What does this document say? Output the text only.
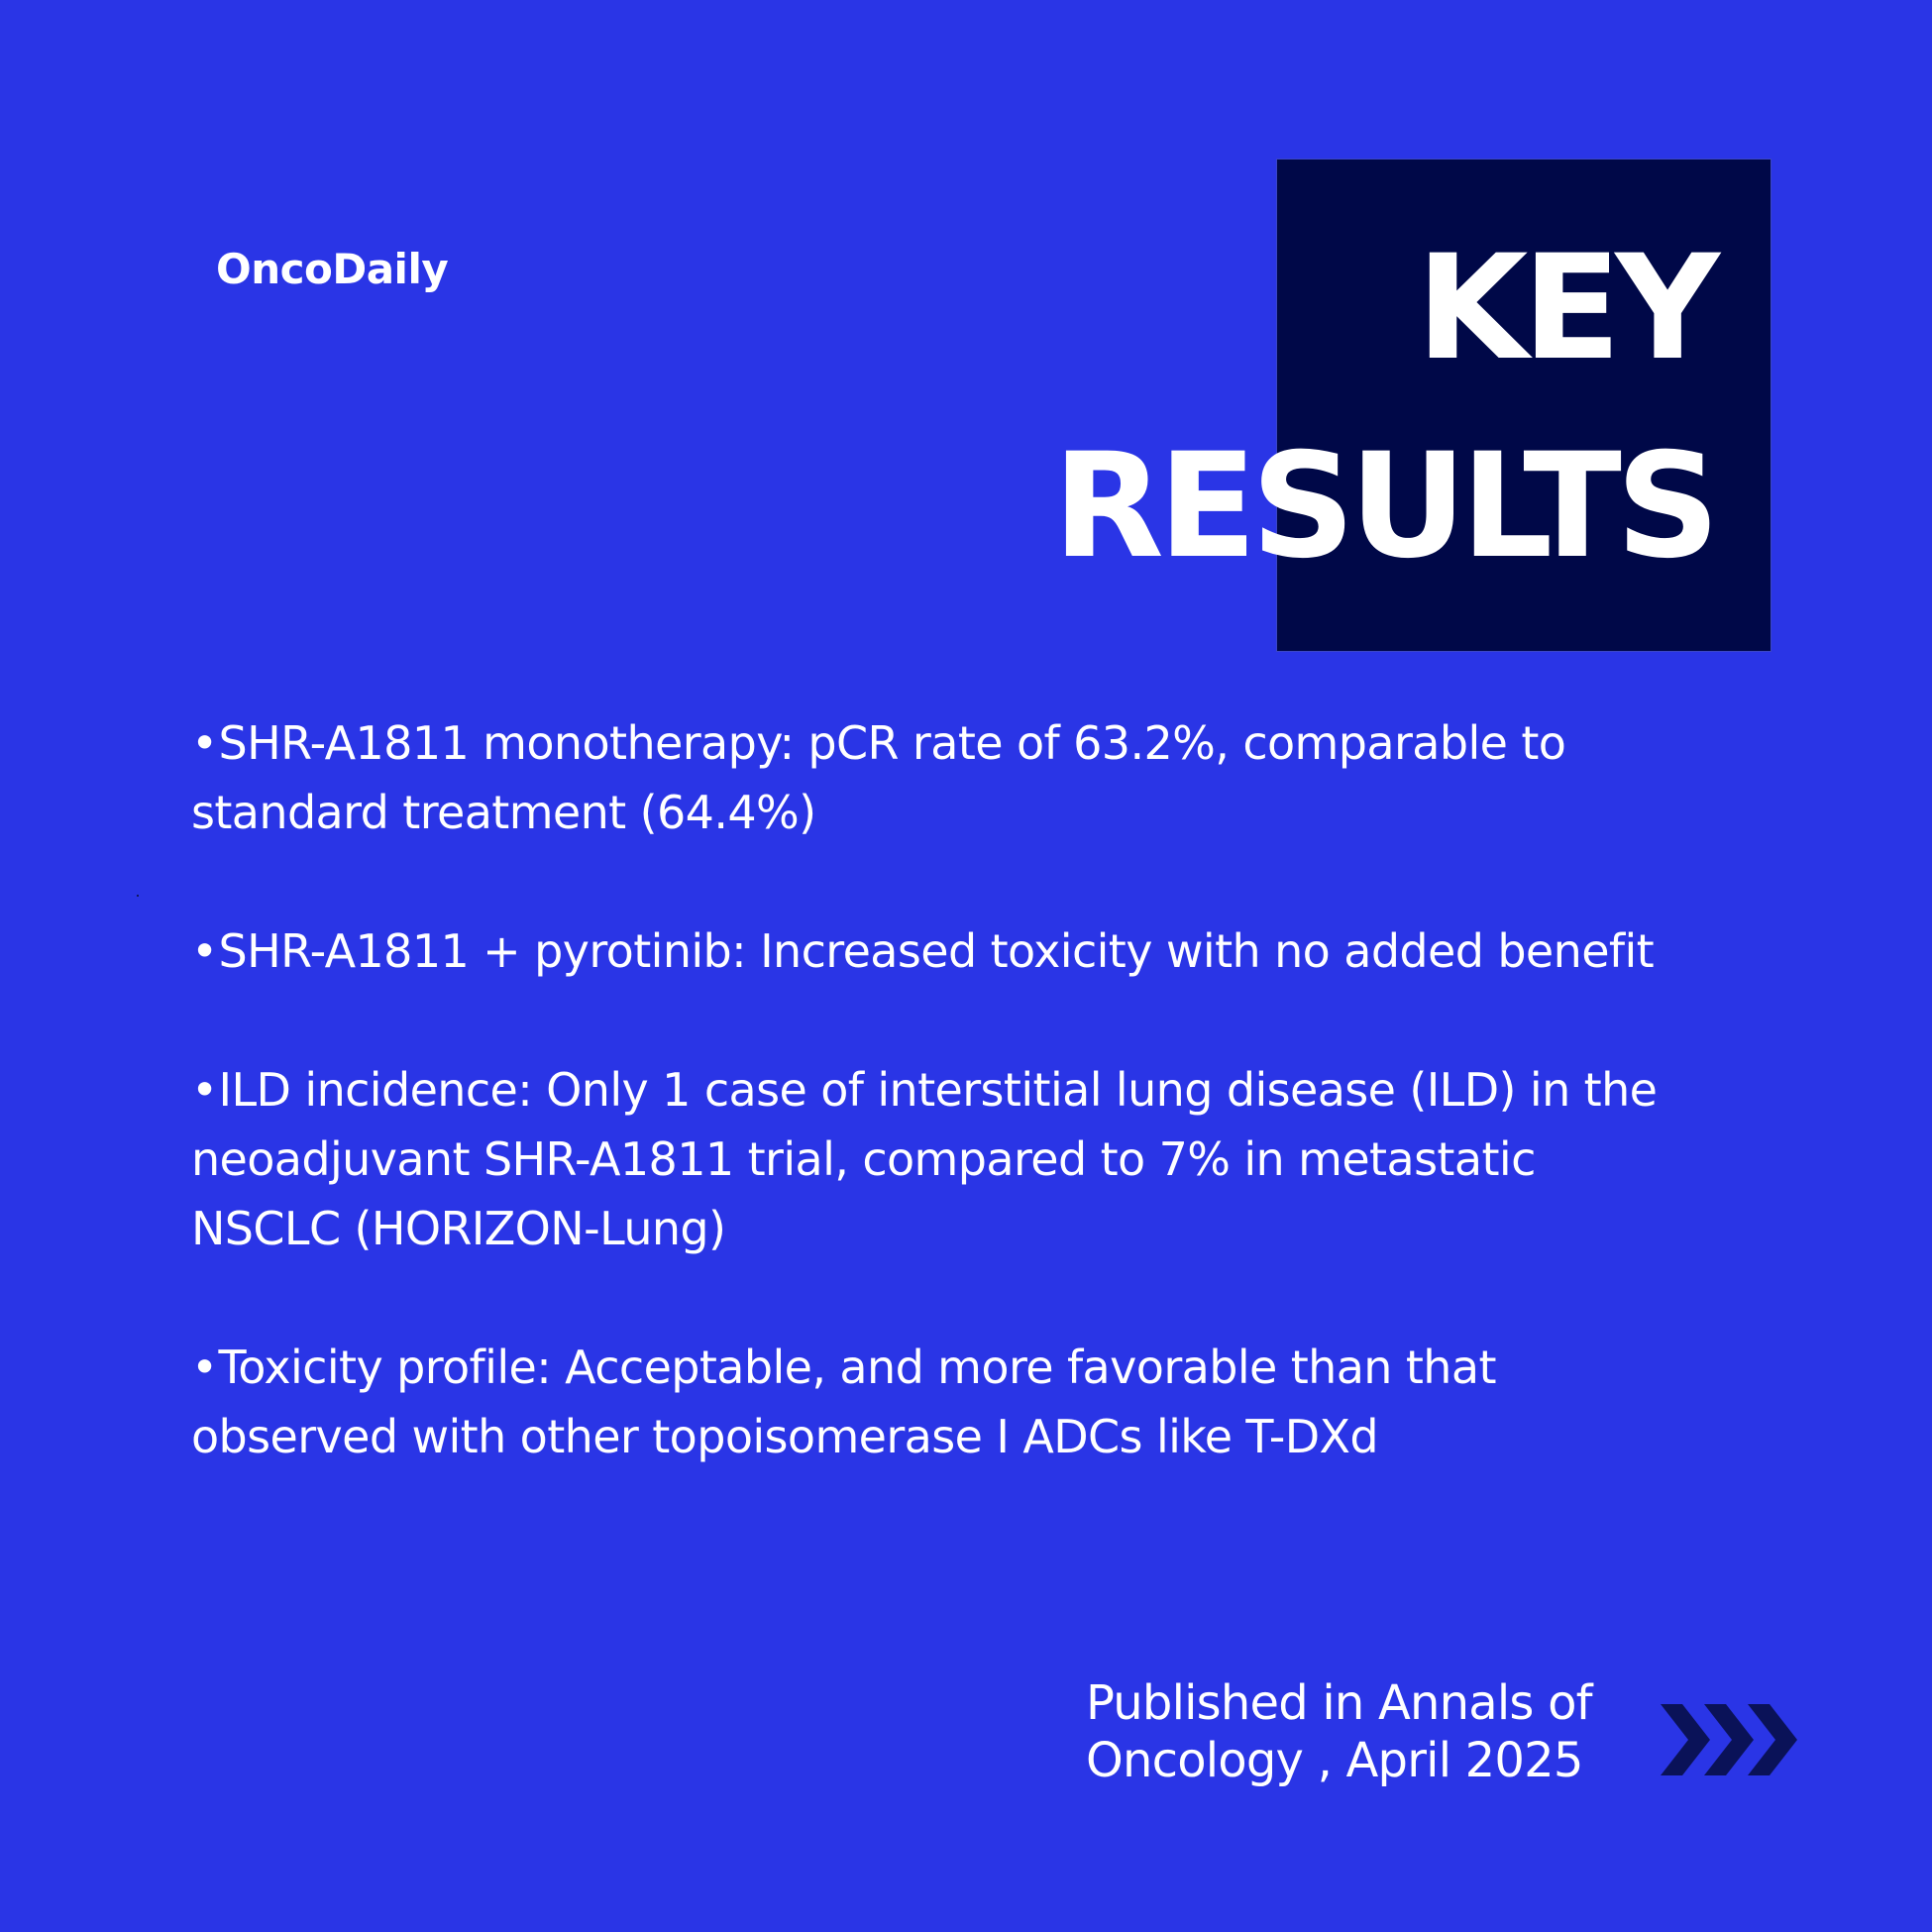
OncoDaily	KEY
RESULTS

•SHR-A1811 monotherapy: pCR rate of 63.2%, comparable to standard treatment (64.4%)

•SHR-A1811 + pyrotinib: Increased toxicity with no added benefit

•ILD incidence: Only 1 case of interstitial lung disease (ILD) in the neoadjuvant SHR-A1811 trial, compared to 7% in metastatic NSCLC (HORIZON-Lung)

•Toxicity profile: Acceptable, and more favorable than that observed with other topoisomerase I ADCs like T-DXd

Published in Annals of
Oncology , April 2025
